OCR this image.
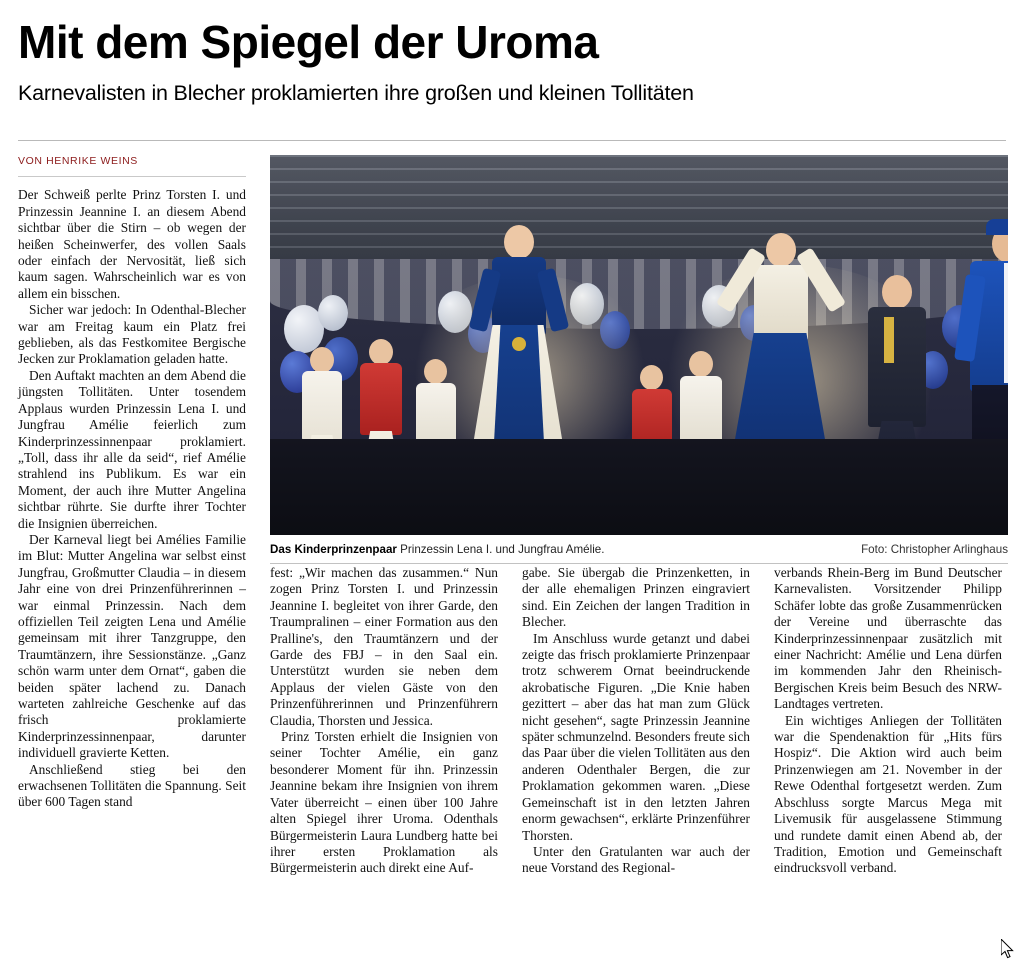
Mit dem Spiegel der Uroma
Karnevalisten in Blecher proklamierten ihre großen und kleinen Tollitäten
VON HENRIKE WEINS

Der Schweiß perlte Prinz Torsten I. und Prinzessin Jeannine I. an diesem Abend sichtbar über die Stirn – ob wegen der heißen Scheinwerfer, des vollen Saals oder einfach der Nervosität, ließ sich kaum sagen. Wahrscheinlich war es von allem ein bisschen.

Sicher war jedoch: In Odenthal-Blecher war am Freitag kaum ein Platz frei geblieben, als das Festkomitee Bergische Jecken zur Proklamation geladen hatte.

Den Auftakt machten an dem Abend die jüngsten Tollitäten. Unter tosendem Applaus wurden Prinzessin Lena I. und Jungfrau Amélie feierlich zum Kinderprinzessinnenpaar proklamiert. „Toll, dass ihr alle da seid“, rief Amélie strahlend ins Publikum. Es war ein Moment, der auch ihre Mutter Angelina sichtbar rührte. Sie durfte ihrer Tochter die Insignien überreichen.

Der Karneval liegt bei Amélies Familie im Blut: Mutter Angelina war selbst einst Jungfrau, Großmutter Claudia – in diesem Jahr eine von drei Prinzenführerinnen – war einmal Prinzessin. Nach dem offiziellen Teil zeigten Lena und Amélie gemeinsam mit ihrer Tanzgruppe, den Traumtänzern, ihre Sessionstänze. „Ganz schön warm unter dem Ornat“, gaben die beiden später lachend zu. Danach warteten zahlreiche Geschenke auf das frisch proklamierte Kinderprinzessinnenpaar, darunter individuell gravierte Ketten.

Anschließend stieg bei den erwachsenen Tollitäten die Spannung. Seit über 600 Tagen stand

Das Kinderprinzenpaar Prinzessin Lena I. und Jungfrau Amélie.	Foto: Christopher Arlinghaus

fest: „Wir machen das zusammen.“ Nun zogen Prinz Torsten I. und Prinzessin Jeannine I. begleitet von ihrer Garde, den Traumpralinen – einer Formation aus den Pralline's, den Traumtänzern und der Garde des FBJ – in den Saal ein. Unterstützt wurden sie neben dem Applaus der vielen Gäste von den Prinzenführerinnen und Prinzenführern Claudia, Thorsten und Jessica.

Prinz Torsten erhielt die Insignien von seiner Tochter Amélie, ein ganz besonderer Moment für ihn. Prinzessin Jeannine bekam ihre Insignien von ihrem Vater überreicht – einen über 100 Jahre alten Spiegel ihrer Uroma. Odenthals Bürgermeisterin Laura Lundberg hatte bei ihrer ersten Proklamation als Bürgermeisterin auch direkt eine Auf-

gabe. Sie übergab die Prinzenketten, in der alle ehemaligen Prinzen eingraviert sind. Ein Zeichen der langen Tradition in Blecher.

Im Anschluss wurde getanzt und dabei zeigte das frisch proklamierte Prinzenpaar trotz schwerem Ornat beeindruckende akrobatische Figuren. „Die Knie haben gezittert – aber das hat man zum Glück nicht gesehen“, sagte Prinzessin Jeannine später schmunzelnd. Besonders freute sich das Paar über die vielen Tollitäten aus den anderen Odenthaler Bergen, die zur Proklamation gekommen waren. „Diese Gemeinschaft ist in den letzten Jahren enorm gewachsen“, erklärte Prinzenführer Thorsten.

Unter den Gratulanten war auch der neue Vorstand des Regional-

verbands Rhein-Berg im Bund Deutscher Karnevalisten. Vorsitzender Philipp Schäfer lobte das große Zusammenrücken der Vereine und überraschte das Kinderprinzessinnenpaar zusätzlich mit einer Nachricht: Amélie und Lena dürfen im kommenden Jahr den Rheinisch-Bergischen Kreis beim Besuch des NRW-Landtages vertreten.

Ein wichtiges Anliegen der Tollitäten war die Spendenaktion für „Hits fürs Hospiz“. Die Aktion wird auch beim Prinzenwiegen am 21. November in der Rewe Odenthal fortgesetzt werden. Zum Abschluss sorgte Marcus Mega mit Livemusik für ausgelassene Stimmung und rundete damit einen Abend ab, der Tradition, Emotion und Gemeinschaft eindrucksvoll verband.
